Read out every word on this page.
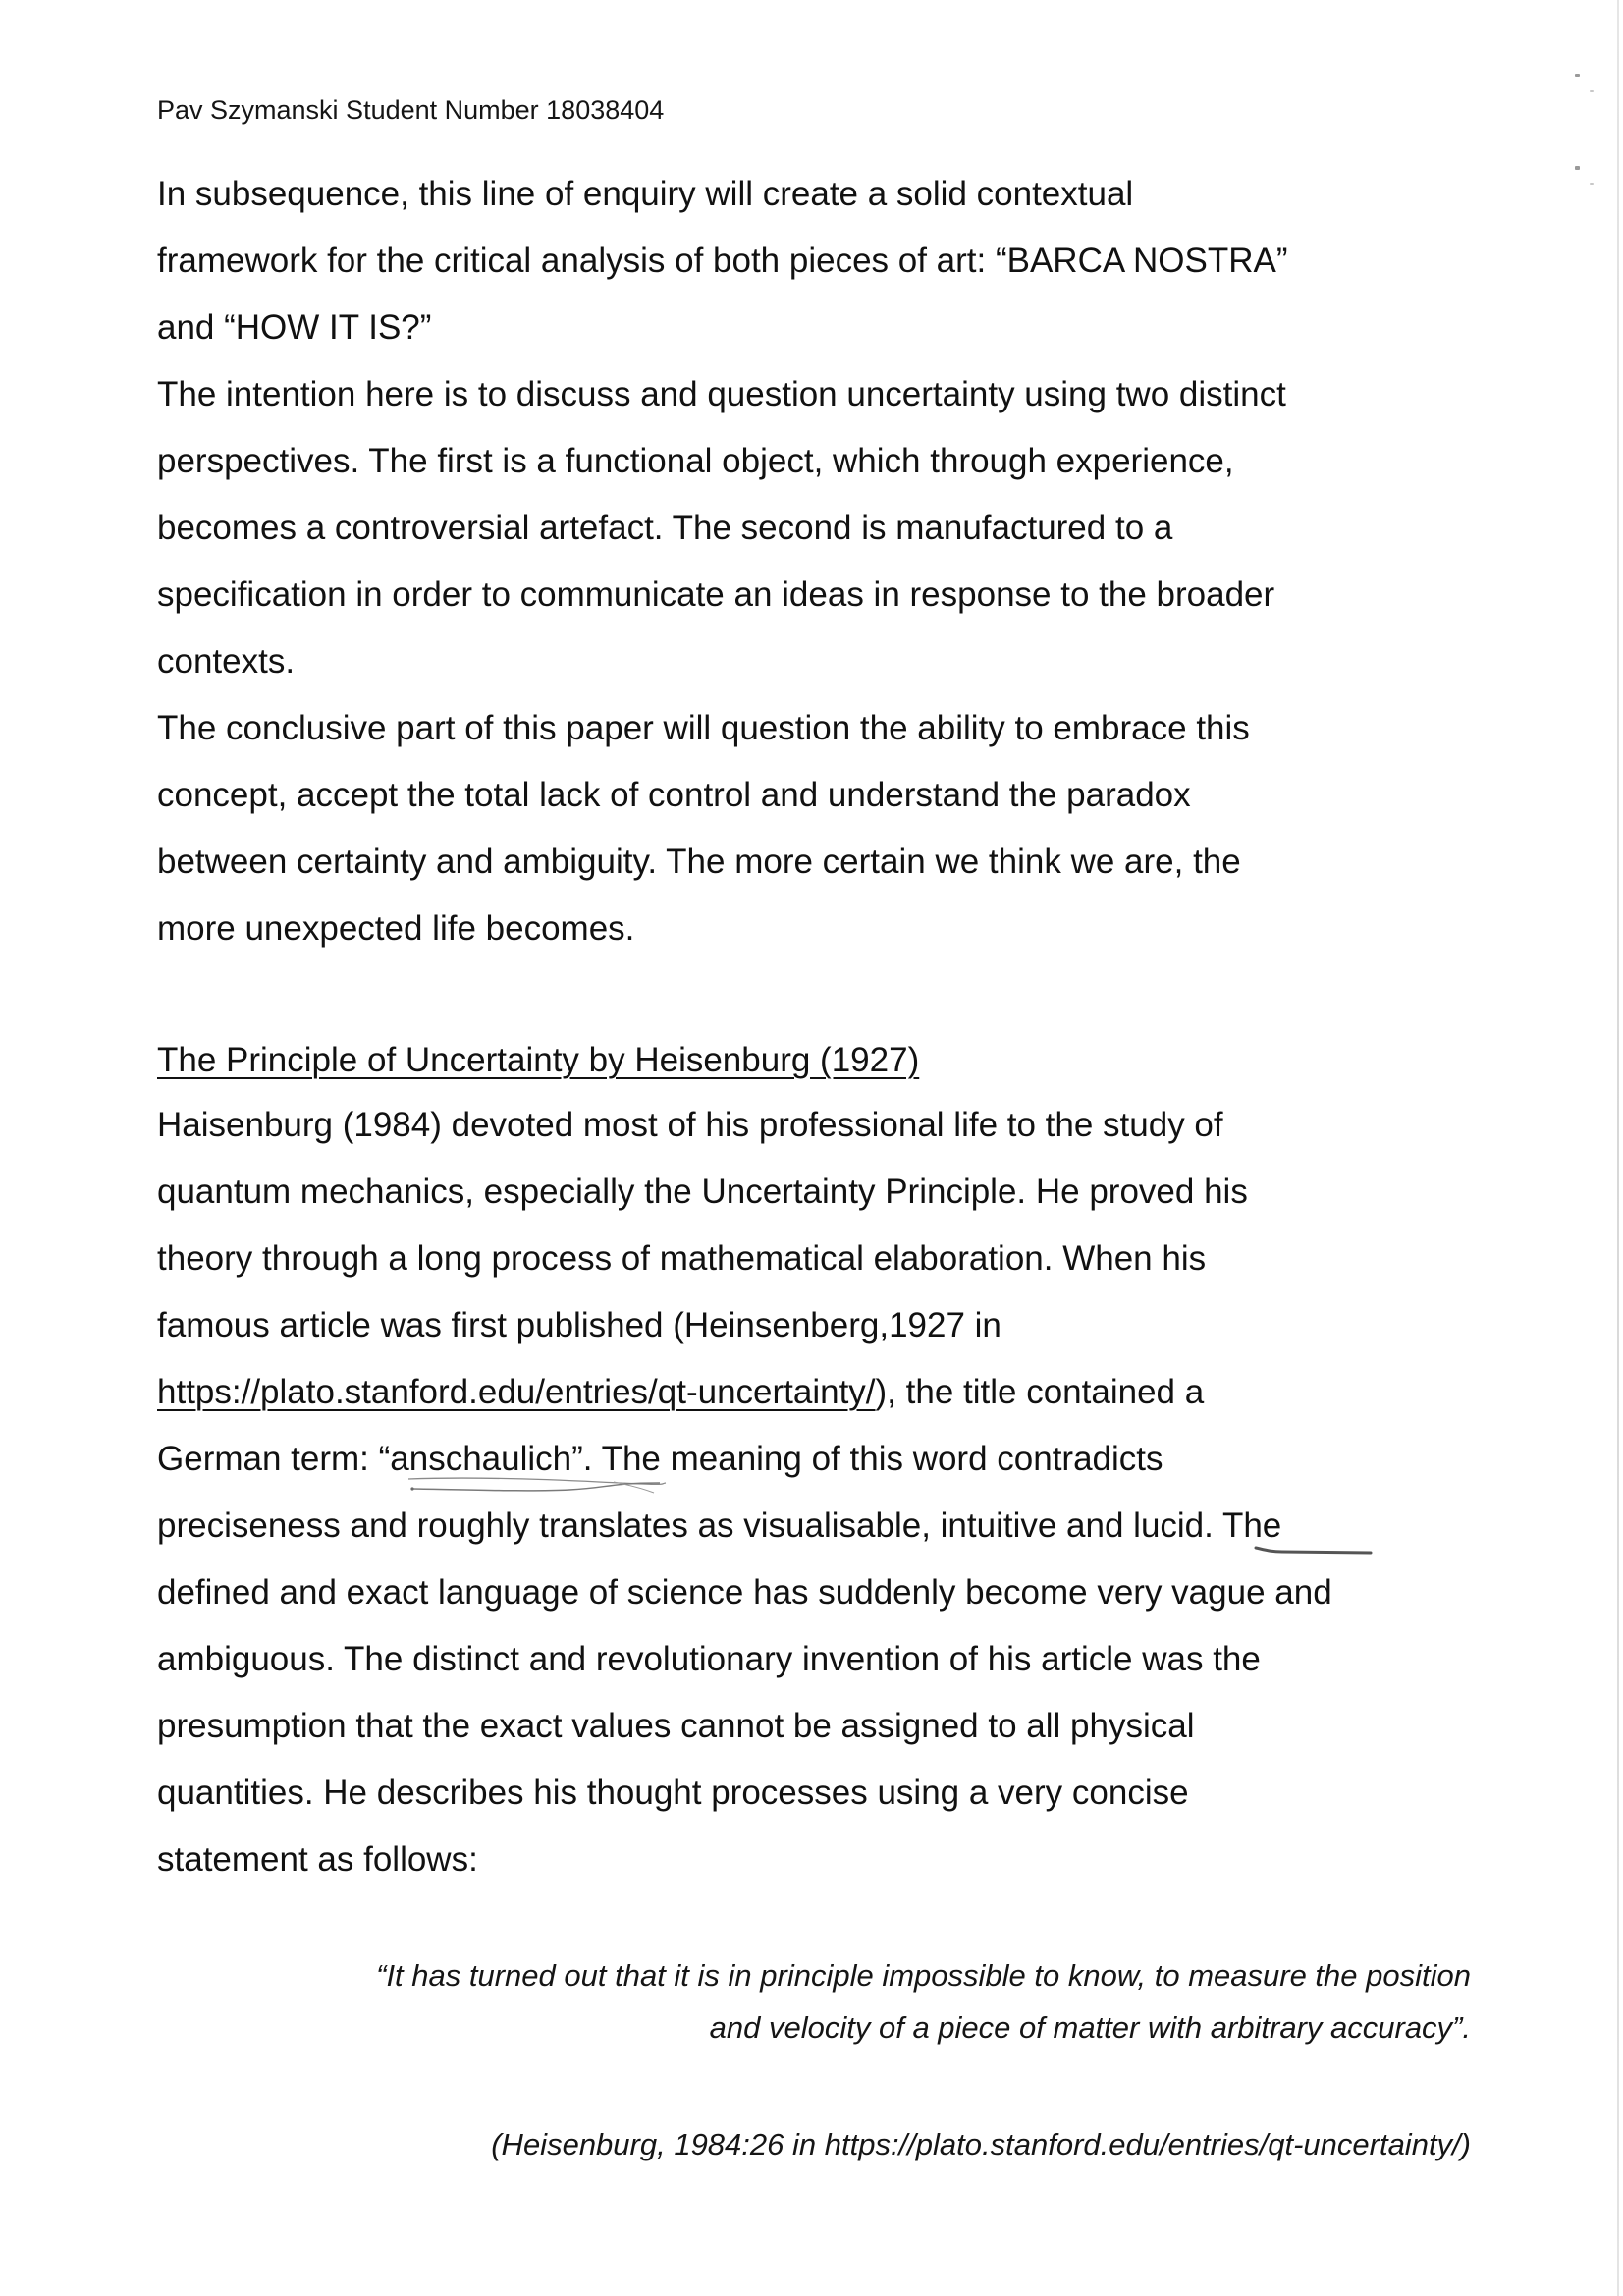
Pav Szymanski Student Number 18038404
In subsequence, this line of enquiry will create a solid contextual
framework for the critical analysis of both pieces of art: “BARCA NOSTRA”
and “HOW IT IS?”
The intention here is to discuss and question uncertainty using two distinct
perspectives. The first is a functional object, which through experience,
becomes a controversial artefact. The second is manufactured to a
specification in order to communicate an ideas in response to the broader
contexts.
The conclusive part of this paper will question the ability to embrace this
concept, accept the total lack of control and understand the paradox
between certainty and ambiguity. The more certain we think we are, the
more unexpected life becomes.
The Principle of Uncertainty by Heisenburg (1927)
Haisenburg (1984) devoted most of his professional life to the study of
quantum mechanics, especially the Uncertainty Principle. He proved his
theory through a long process of mathematical elaboration. When his
famous article was first published (Heinsenberg,1927 in
https://plato.stanford.edu/entries/qt-uncertainty/), the title contained a
German term: “anschaulich”. The meaning of this word contradicts
preciseness and roughly translates as visualisable, intuitive and lucid. The
defined and exact language of science has suddenly become very vague and
ambiguous. The distinct and revolutionary invention of his article was the
presumption that the exact values cannot be assigned to all physical
quantities. He describes his thought processes using a very concise
statement as follows:
“It has turned out that it is in principle impossible to know, to measure the position
and velocity of a piece of matter with arbitrary accuracy”.
(Heisenburg, 1984:26 in https://plato.stanford.edu/entries/qt-uncertainty/)
